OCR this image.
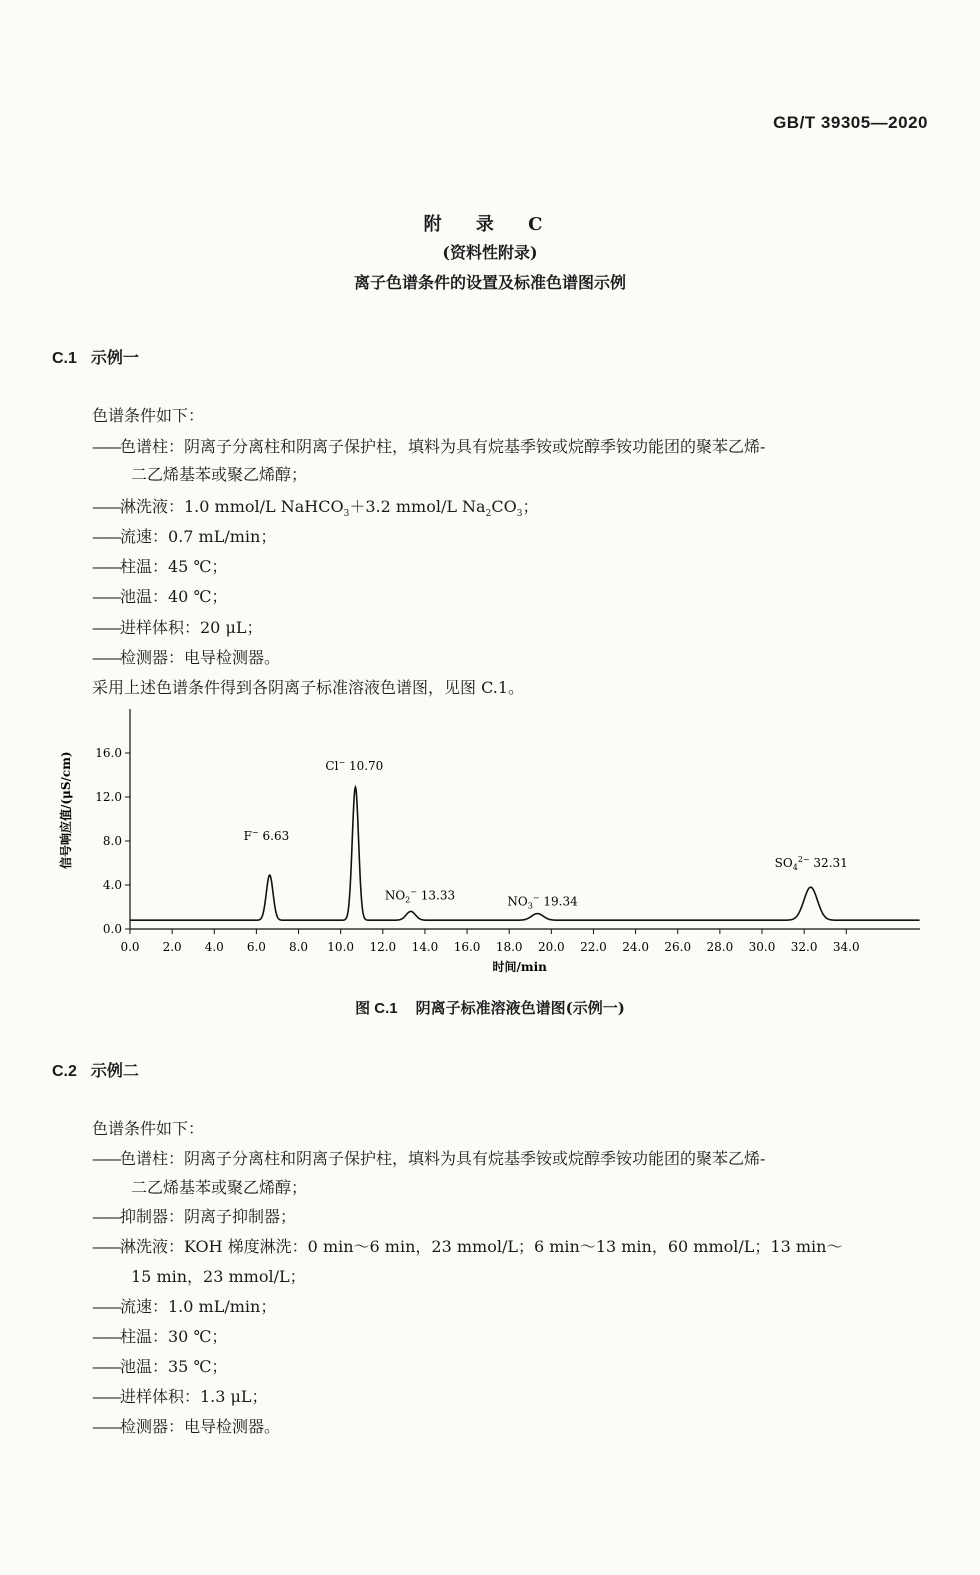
GB/T 39305—2020
附 录 C
(资料性附录)
离子色谱条件的设置及标准色谱图示例
C.1 示例一
色谱条件如下：
——色谱柱：阴离子分离柱和阴离子保护柱，填料为具有烷基季铵或烷醇季铵功能团的聚苯乙烯-
二乙烯基苯或聚乙烯醇；
——淋洗液：1.0 mmol/L NaHCO$_3$＋3.2 mmol/L $Na_2CO_3$；
——流速：0.7 mL/min；
——柱温：45 ℃；
——池温：40 ℃；
——进样体积：20 μL；
——检测器：电导检测器。
采用上述色谱条件得到各阴离子标准溶液色谱图，见图 C.1。
0.0
4.0
8.0
12.0
16.0
0.0 2.0 4.0 6.0 8.0 10.0 12.0 14.0 16.0 18.0 20.0 22.0 24.0 26.0 28.0 30.0 32.0 34.0
F− 6.63
Cl− 10.70
$NO_2^-$ 13.33	$NO_3^-$ 19.34
$SO_4^{2-}$ 32.31
信号响应值/(μS/cm)
时间/min
图 C.1 阴离子标准溶液色谱图(示例一)
C.2 示例二
色谱条件如下：
——色谱柱：阴离子分离柱和阴离子保护柱，填料为具有烷基季铵或烷醇季铵功能团的聚苯乙烯-
二乙烯基苯或聚乙烯醇；
——抑制器：阴离子抑制器；
——淋洗液：KOH 梯度淋洗：0 min～6 min，23 mmol/L；6 min～13 min，60 mmol/L；13 min～
15 min，23 mmol/L；
——流速：1.0 mL/min；
——柱温：30 ℃；
——池温：35 ℃；
——进样体积：1.3 μL；
——检测器：电导检测器。
